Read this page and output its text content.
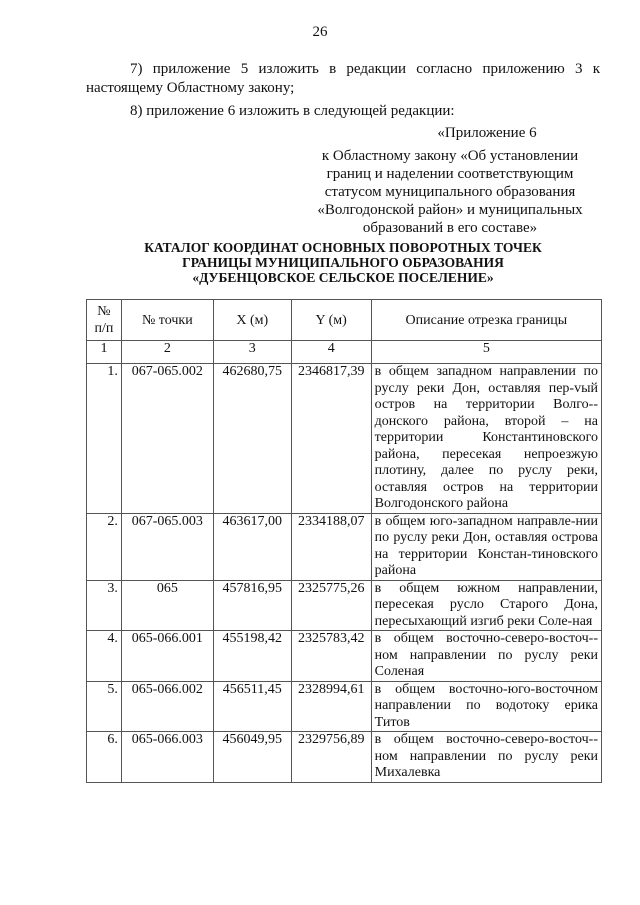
26
7) приложение 5 изложить в редакции согласно приложению 3 к настоящему Областному закону;
8) приложение 6 изложить в следующей редакции:
«Приложение 6
к Областному закону «Об установлении границ и наделении соответствующим статусом муниципального образования «Волгодонской район» и муниципальных образований в его составе»
КАТАЛОГ КООРДИНАТ ОСНОВНЫХ ПОВОРОТНЫХ ТОЧЕК
ГРАНИЦЫ МУНИЦИПАЛЬНОГО ОБРАЗОВАНИЯ
«ДУБЕНЦОВСКОЕ СЕЛЬСКОЕ ПОСЕЛЕНИЕ»
№
п/п	№ точки	X (м)	Y (м)	Описание отрезка границы
1	2	3	4	5
1.	067-065.002	462680,75	2346817,39	в общем западном направлении по руслу реки Дон, оставляя пер-vый остров на территории Волго-донского района, второй – на территории Константиновского района, пересекая непроезжую плотину, далее по руслу реки, оставляя остров на территории Волгодонского района
2.	067-065.003	463617,00	2334188,07	в общем юго-западном направле-нии по руслу реки Дон, оставляя острова на территории Констан-тиновского района
3.	065	457816,95	2325775,26	в общем южном направлении, пересекая русло Старого Дона, пересыхающий изгиб реки Соле-ная
4.	065-066.001	455198,42	2325783,42	в общем восточно-северо-восточ-ном направлении по руслу реки Соленая
5.	065-066.002	456511,45	2328994,61	в общем восточно-юго-восточном направлении по водотоку ерика Титов
6.	065-066.003	456049,95	2329756,89	в общем восточно-северо-восточ-ном направлении по руслу реки Михалевка
